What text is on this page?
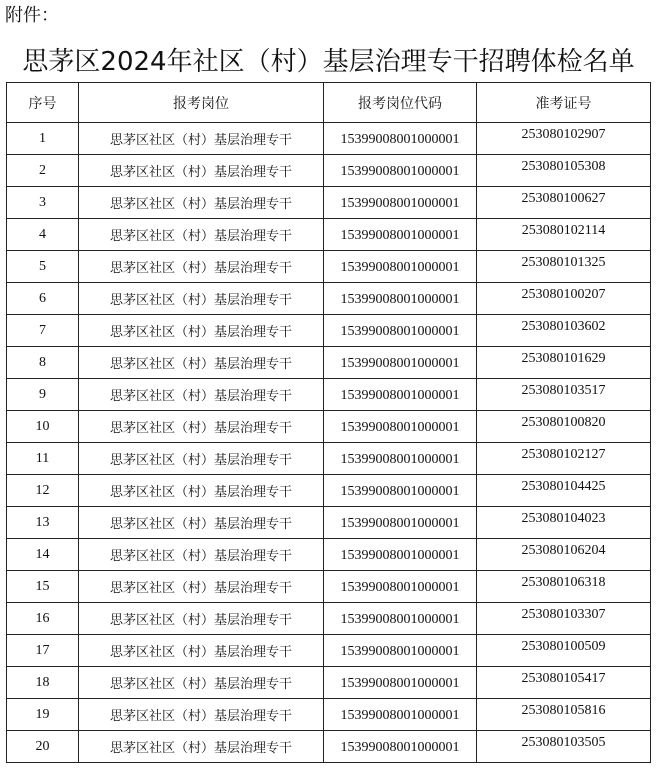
附件：
思茅区2024年社区（村）基层治理专干招聘体检名单
序号	报考岗位	报考岗位代码	准考证号
1	思茅区社区（村）基层治理专干	15399008001000001	253080102907
2	思茅区社区（村）基层治理专干	15399008001000001	253080105308
3	思茅区社区（村）基层治理专干	15399008001000001	253080100627
4	思茅区社区（村）基层治理专干	15399008001000001	253080102114
5	思茅区社区（村）基层治理专干	15399008001000001	253080101325
6	思茅区社区（村）基层治理专干	15399008001000001	253080100207
7	思茅区社区（村）基层治理专干	15399008001000001	253080103602
8	思茅区社区（村）基层治理专干	15399008001000001	253080101629
9	思茅区社区（村）基层治理专干	15399008001000001	253080103517
10	思茅区社区（村）基层治理专干	15399008001000001	253080100820
11	思茅区社区（村）基层治理专干	15399008001000001	253080102127
12	思茅区社区（村）基层治理专干	15399008001000001	253080104425
13	思茅区社区（村）基层治理专干	15399008001000001	253080104023
14	思茅区社区（村）基层治理专干	15399008001000001	253080106204
15	思茅区社区（村）基层治理专干	15399008001000001	253080106318
16	思茅区社区（村）基层治理专干	15399008001000001	253080103307
17	思茅区社区（村）基层治理专干	15399008001000001	253080100509
18	思茅区社区（村）基层治理专干	15399008001000001	253080105417
19	思茅区社区（村）基层治理专干	15399008001000001	253080105816
20	思茅区社区（村）基层治理专干	15399008001000001	253080103505
